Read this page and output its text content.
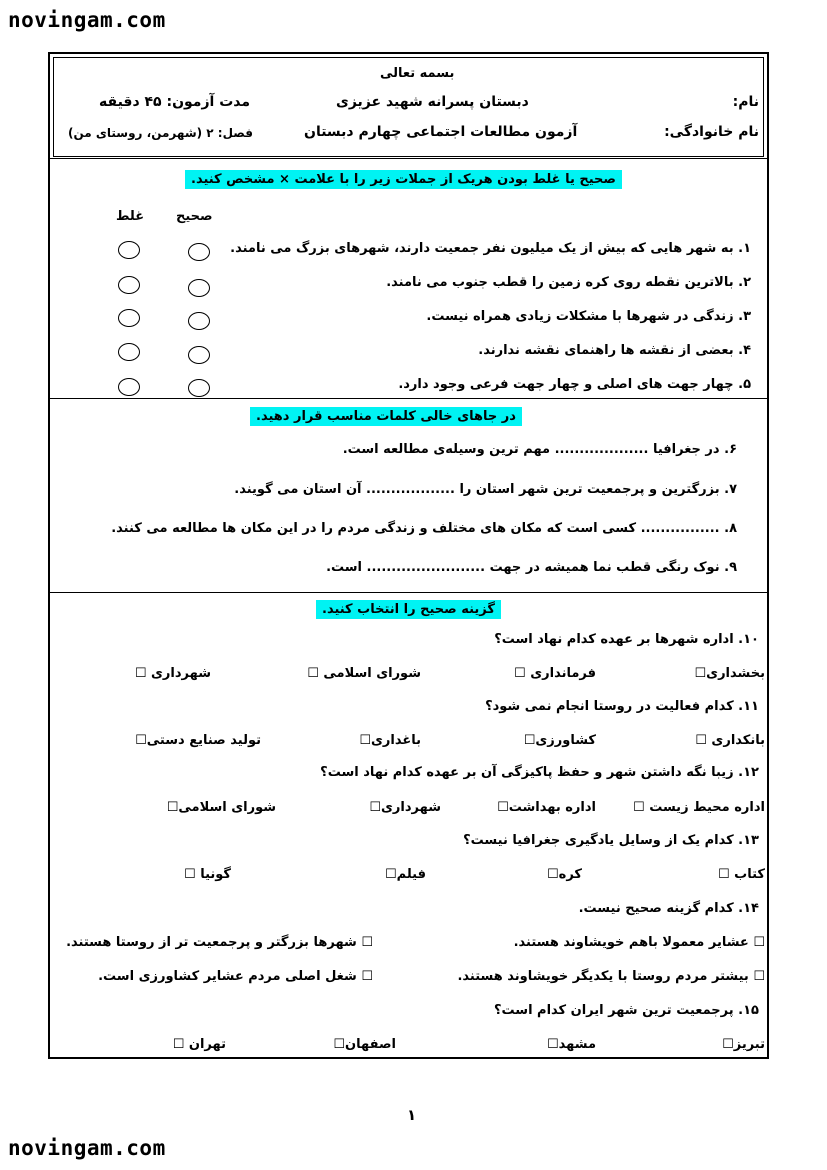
novingam.com
بسمه تعالی
نام:
دبستان پسرانه شهید عزیزی
مدت آزمون: ۴۵ دقیقه
نام خانوادگی:
آزمون مطالعات اجتماعی چهارم دبستان
فصل: ۲ (شهرمن، روستای من)
صحیح یا غلط بودن هریک از جملات زیر را با علامت × مشخص کنید.
صحیح
غلط
۱. به شهر هایی که بیش از یک میلیون نفر جمعیت دارند، شهرهای بزرگ می نامند.
۲. بالاترین نقطه روی کره زمین را قطب جنوب می نامند.
۳. زندگی در شهرها با مشکلات زیادی همراه نیست.
۴. بعضی از نقشه ها راهنمای نقشه ندارند.
۵. چهار جهت های اصلی و چهار جهت فرعی وجود دارد.
در جاهای خالی کلمات مناسب قرار دهید.
۶. در جغرافیا ................... مهم ترین وسیله‌ی مطالعه است.
۷. بزرگترین و پرجمعیت ترین شهر استان را .................. آن استان می گویند.
۸. ................ کسی است که مکان های مختلف و زندگی مردم را در این مکان ها مطالعه می کنند.
۹. نوک رنگی قطب نما همیشه در جهت ........................ است.
گزینه صحیح را انتخاب کنید.
۱۰. اداره شهرها بر عهده کدام نهاد است؟
بخشداری☐
فرمانداری ☐
شورای اسلامی ☐
شهرداری ☐
۱۱. کدام فعالیت در روستا انجام نمی شود؟
بانکداری ☐
کشاورزی☐
باغداری☐
تولید صنایع دستی☐
۱۲. زیبا نگه داشتن شهر و حفظ پاکیزگی آن بر عهده کدام نهاد است؟
اداره محیط زیست ☐
اداره بهداشت☐
شهرداری☐
شورای اسلامی☐
۱۳. کدام یک از وسایل یادگیری جغرافیا نیست؟
کتاب ☐
کره☐
فیلم☐
گونیا ☐
۱۴. کدام گزینه صحیح نیست.
☐ عشایر معمولا باهم خویشاوند هستند.
☐ شهرها بزرگتر و پرجمعیت تر از روستا هستند.
☐ بیشتر مردم روستا با یکدیگر خویشاوند هستند.
☐ شغل اصلی مردم عشایر کشاورزی است.
۱۵. پرجمعیت ترین شهر ایران کدام است؟
تبریز☐
مشهد☐
اصفهان☐
تهران ☐
۱
novingam.com
